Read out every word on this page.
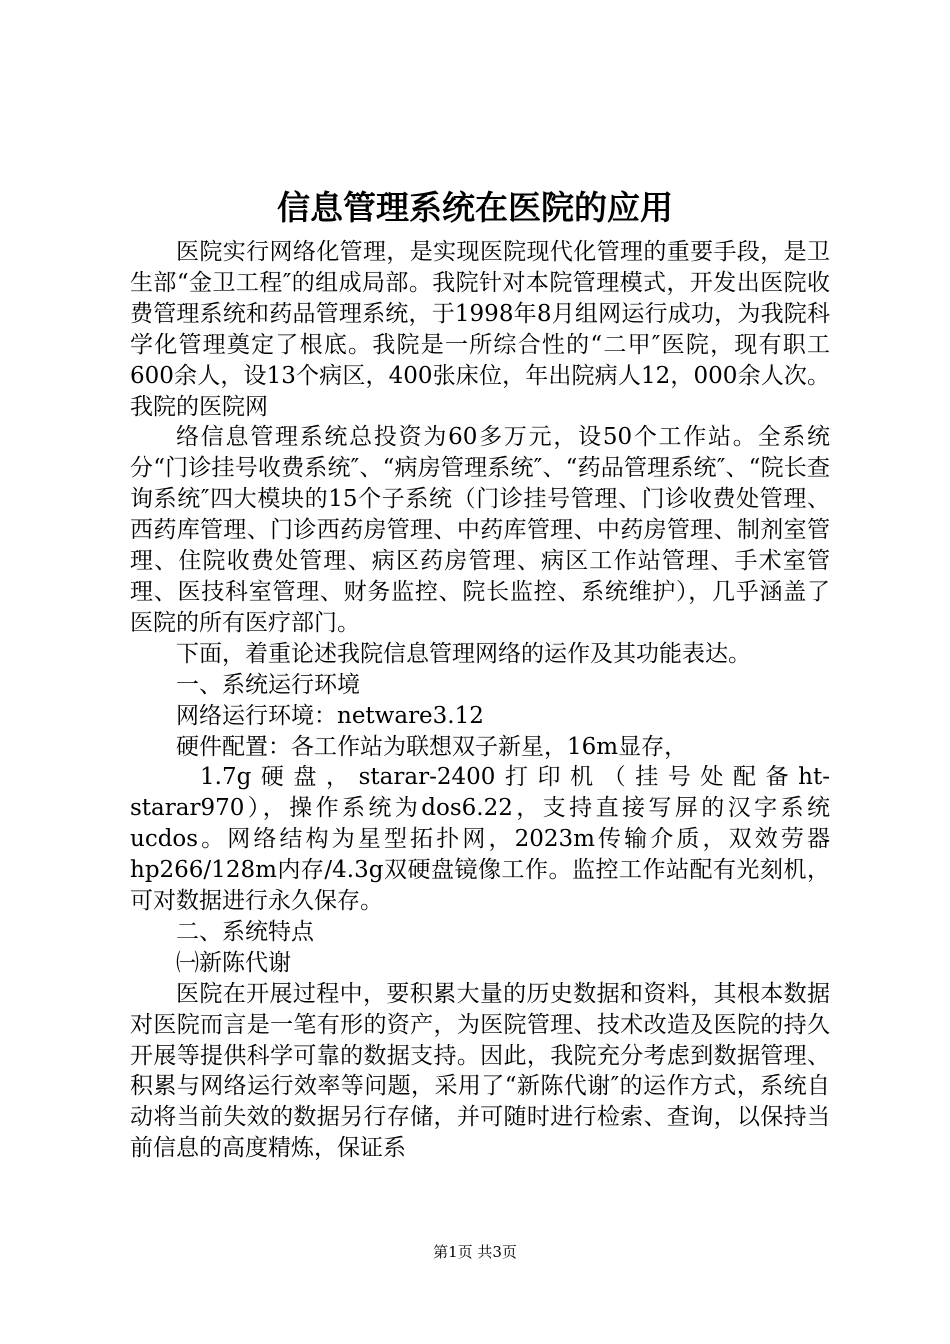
信息管理系统在医院的应用

医院实行网络化管理，是实现医院现代化管理的重要手段，是卫生部“金卫工程″的组成局部。我院针对本院管理模式，开发出医院收费管理系统和药品管理系统，于1998年8月组网运行成功，为我院科学化管理奠定了根底。我院是一所综合性的“二甲″医院，现有职工600余人，设13个病区，400张床位，年出院病人12，000余人次。我院的医院网

络信息管理系统总投资为60多万元，设50个工作站。全系统分“门诊挂号收费系统″、“病房管理系统″、“药品管理系统″、“院长查询系统″四大模块的15个子系统（门诊挂号管理、门诊收费处管理、西药库管理、门诊西药房管理、中药库管理、中药房管理、制剂室管理、住院收费处管理、病区药房管理、病区工作站管理、手术室管理、医技科室管理、财务监控、院长监控、系统维护），几乎涵盖了医院的所有医疗部门。

下面，着重论述我院信息管理网络的运作及其功能表达。

一、系统运行环境

网络运行环境：netware3.12

硬件配置：各工作站为联想双子新星，16m显存，

1.7g硬盘，starar-2400打印机（挂号处配备ht-starar970），操作系统为dos6.22，支持直接写屏的汉字系统ucdos。网络结构为星型拓扑网，2023m传输介质，双效劳器hp266/128m内存/4.3g双硬盘镜像工作。监控工作站配有光刻机，可对数据进行永久保存。

二、系统特点

㈠新陈代谢

医院在开展过程中，要积累大量的历史数据和资料，其根本数据对医院而言是一笔有形的资产，为医院管理、技术改造及医院的持久开展等提供科学可靠的数据支持。因此，我院充分考虑到数据管理、积累与网络运行效率等问题，采用了“新陈代谢″的运作方式，系统自动将当前失效的数据另行存储，并可随时进行检索、查询，以保持当前信息的高度精炼，保证系

第1页 共3页
